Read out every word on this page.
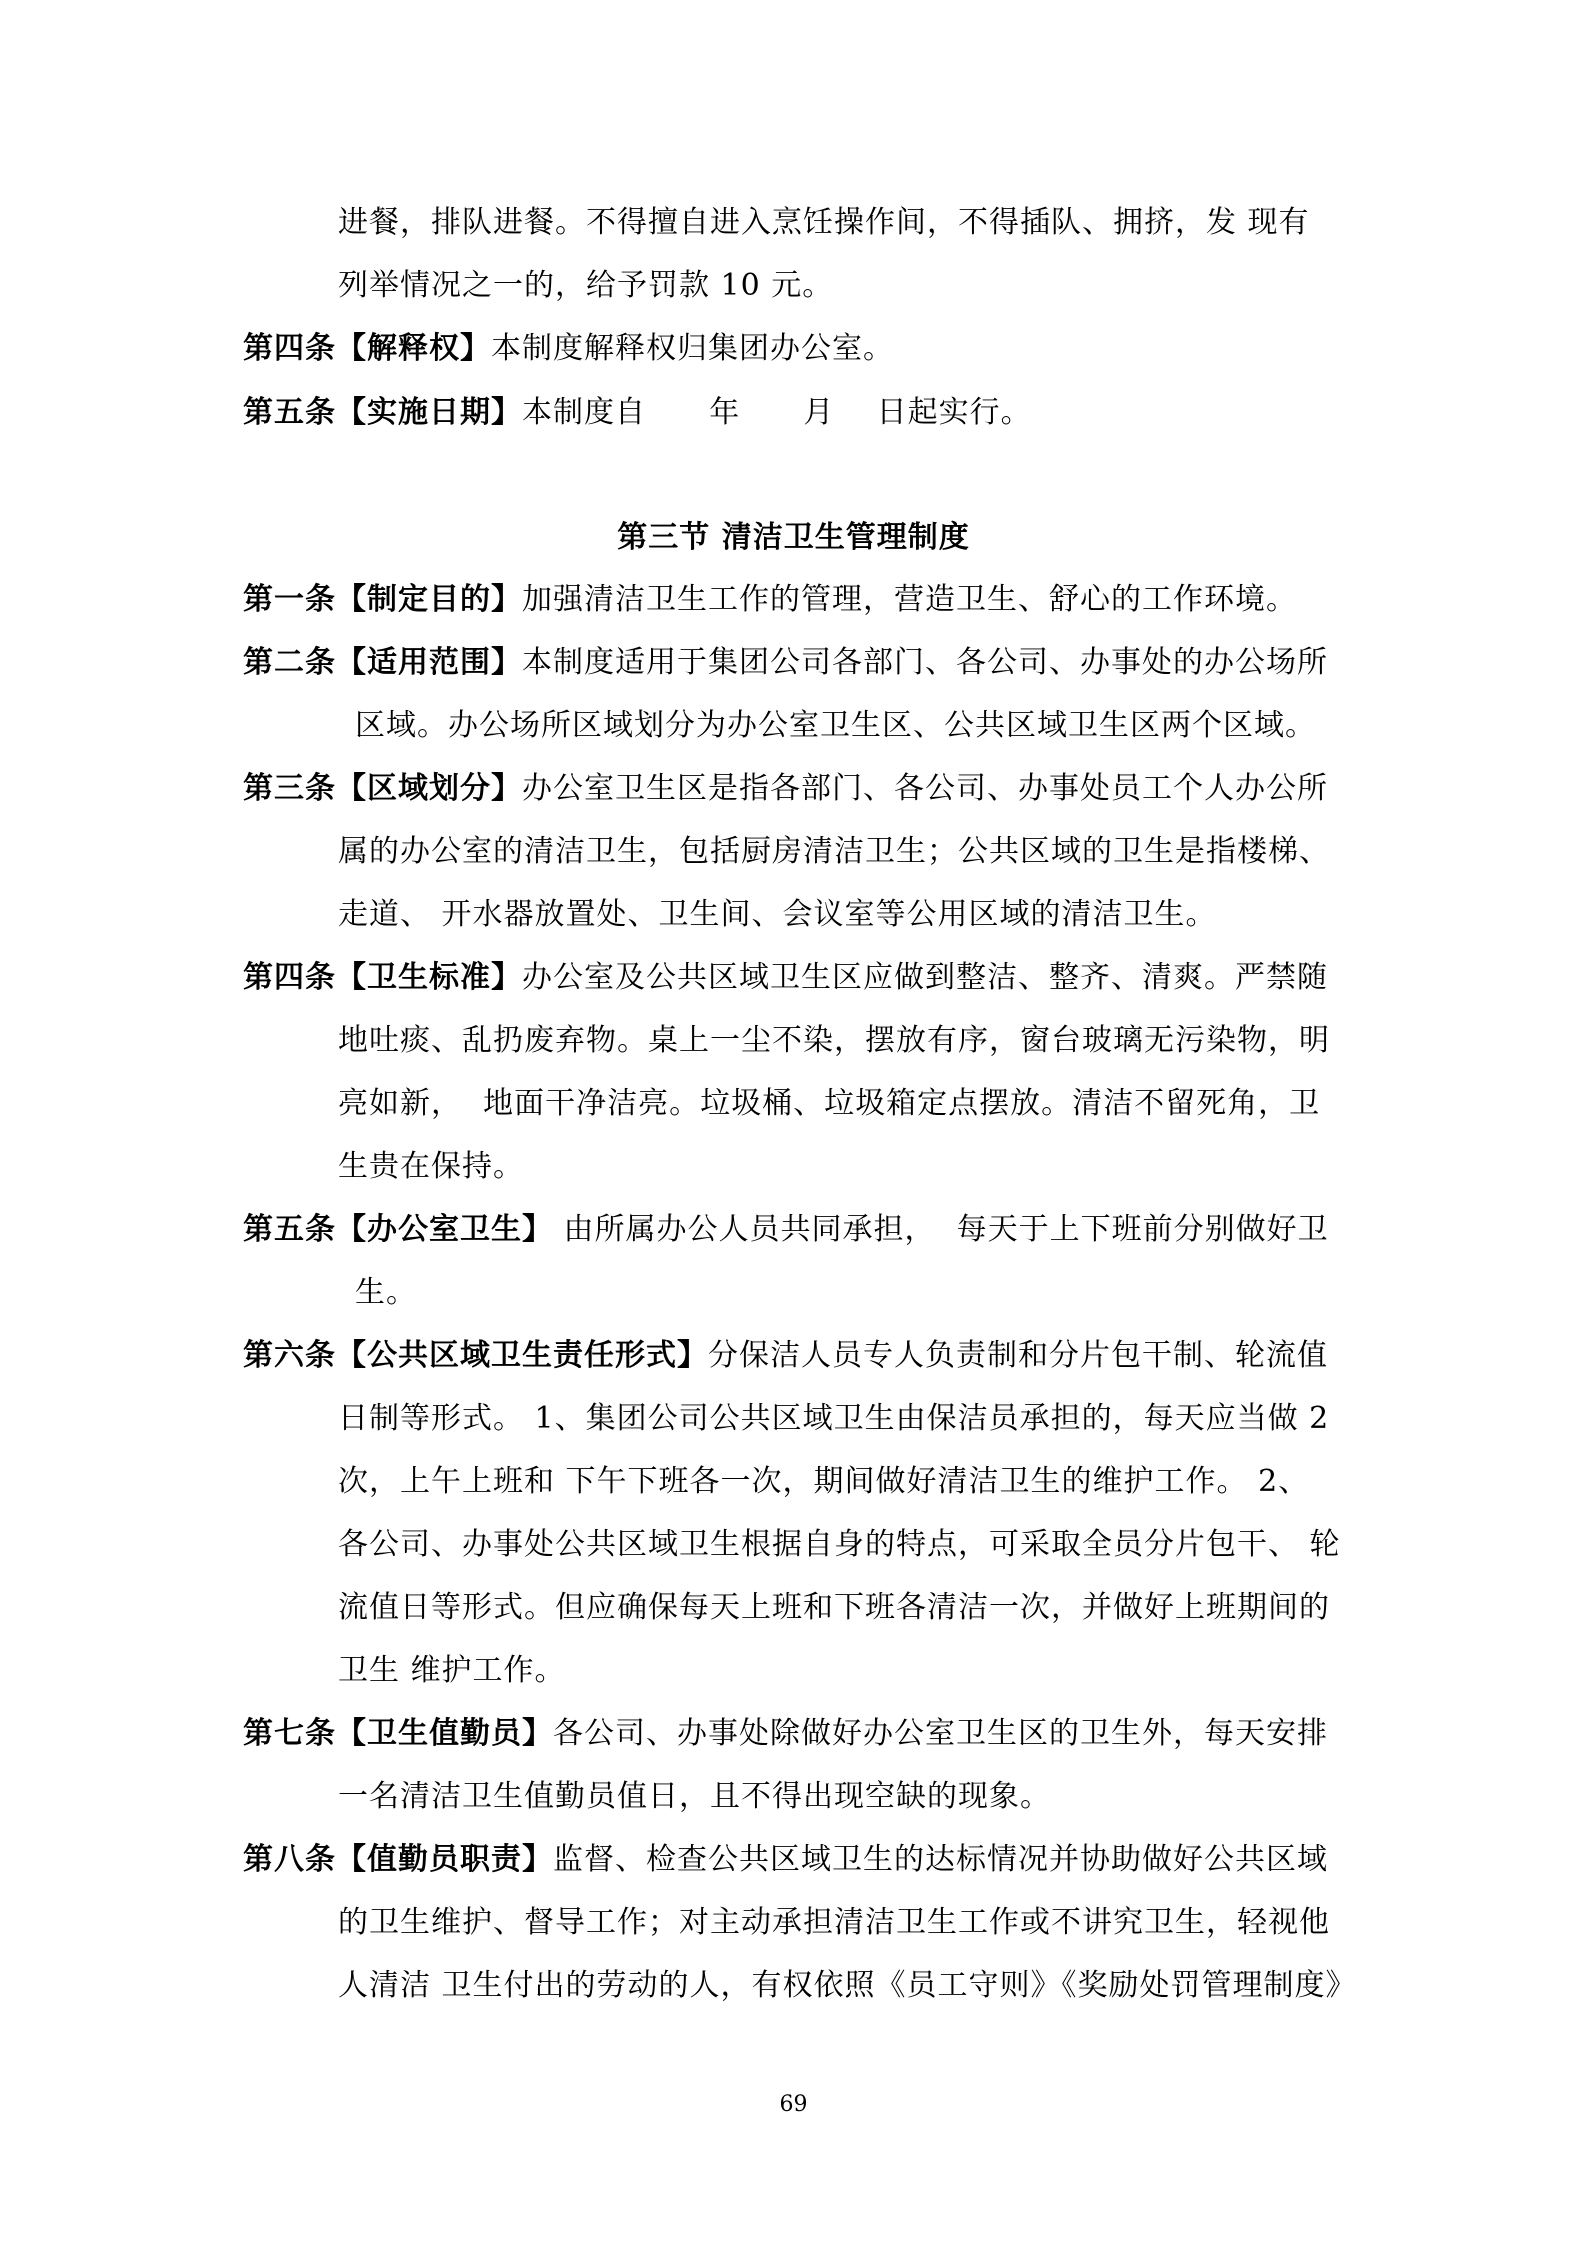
进餐，排队进餐。不得擅自进入烹饪操作间，不得插队、拥挤，发 现有
列举情况之一的，给予罚款 10 元。
第四条【解释权】本制度解释权归集团办公室。
第五条【实施日期】本制度自      年      月    日起实行。
第三节 清洁卫生管理制度
第一条【制定目的】加强清洁卫生工作的管理，营造卫生、舒心的工作环境。
第二条【适用范围】本制度适用于集团公司各部门、各公司、办事处的办公场所
区域。办公场所区域划分为办公室卫生区、公共区域卫生区两个区域。
第三条【区域划分】办公室卫生区是指各部门、各公司、办事处员工个人办公所
属的办公室的清洁卫生，包括厨房清洁卫生；公共区域的卫生是指楼梯、
走道、 开水器放置处、卫生间、会议室等公用区域的清洁卫生。
第四条【卫生标准】办公室及公共区域卫生区应做到整洁、整齐、清爽。严禁随
地吐痰、乱扔废弃物。桌上一尘不染，摆放有序，窗台玻璃无污染物，明
亮如新，  地面干净洁亮。垃圾桶、垃圾箱定点摆放。清洁不留死角，卫
生贵在保持。
第五条【办公室卫生】 由所属办公人员共同承担，  每天于上下班前分别做好卫
生。
第六条【公共区域卫生责任形式】分保洁人员专人负责制和分片包干制、轮流值
日制等形式。 1、集团公司公共区域卫生由保洁员承担的，每天应当做 2
次，上午上班和 下午下班各一次，期间做好清洁卫生的维护工作。 2、
各公司、办事处公共区域卫生根据自身的特点，可采取全员分片包干、 轮
流值日等形式。但应确保每天上班和下班各清洁一次，并做好上班期间的
卫生 维护工作。
第七条【卫生值勤员】各公司、办事处除做好办公室卫生区的卫生外，每天安排
一名清洁卫生值勤员值日，且不得出现空缺的现象。
第八条【值勤员职责】监督、检查公共区域卫生的达标情况并协助做好公共区域
的卫生维护、督导工作；对主动承担清洁卫生工作或不讲究卫生，轻视他
人清洁 卫生付出的劳动的人，有权依照《员工守则》《奖励处罚管理制度》
69
